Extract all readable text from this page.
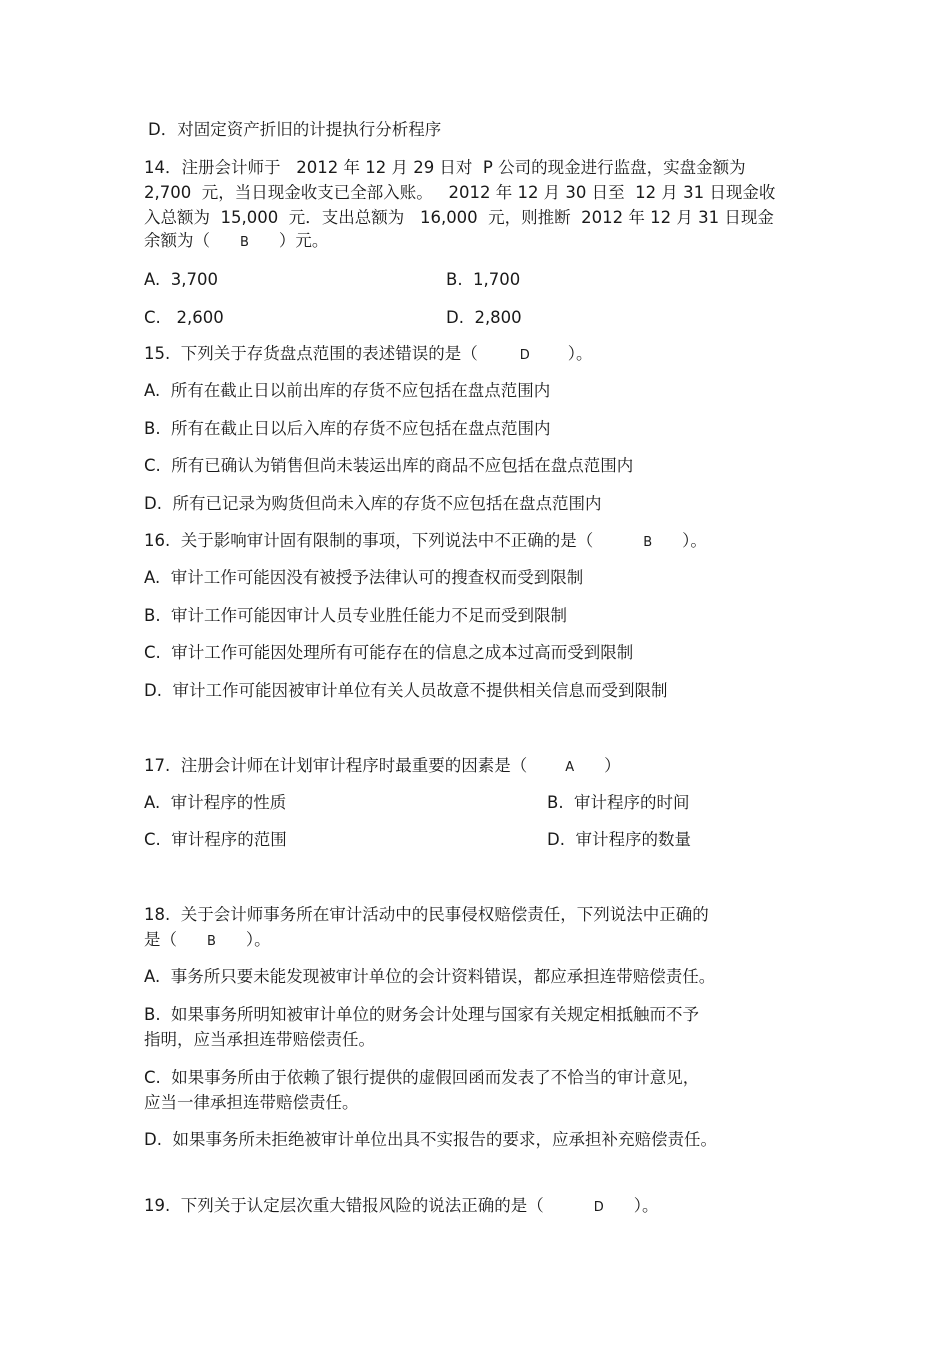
D．对固定资产折旧的计提执行分析程序
14．注册会计师于   2012 年 12 月 29 日对  P 公司的现金进行监盘，实盘金额为
2,700  元，当日现金收支已全部入账。   2012 年 12 月 30 日至  12 月 31 日现金收
入总额为  15,000  元．支出总额为   16,000  元，则推断  2012 年 12 月 31 日现金
余额为（ B ）元。
A.  3,700	B.  1,700
C.   2,600	D.  2,800
15.  下列关于存货盘点范围的表述错误的是（	D ）。
A.  所有在截止日以前出库的存货不应包括在盘点范围内
B.  所有在截止日以后入库的存货不应包括在盘点范围内
C.  所有已确认为销售但尚未装运出库的商品不应包括在盘点范围内
D.  所有已记录为购货但尚未入库的存货不应包括在盘点范围内
16.  关于影响审计固有限制的事项，下列说法中不正确的是（	B ）。
A.  审计工作可能因没有被授予法律认可的搜查权而受到限制
B.  审计工作可能因审计人员专业胜任能力不足而受到限制
C.  审计工作可能因处理所有可能存在的信息之成本过高而受到限制
D.  审计工作可能因被审计单位有关人员故意不提供相关信息而受到限制
17.  注册会计师在计划审计程序时最重要的因素是（	A ）
A.  审计程序的性质	B.  审计程序的时间
C.  审计程序的范围	D.  审计程序的数量
18.  关于会计师事务所在审计活动中的民事侵权赔偿责任，下列说法中正确的
是（ B ）。
A.  事务所只要未能发现被审计单位的会计资料错误，都应承担连带赔偿责任。
B.  如果事务所明知被审计单位的财务会计处理与国家有关规定相抵触而不予
指明，应当承担连带赔偿责任。
C.  如果事务所由于依赖了银行提供的虚假回函而发表了不恰当的审计意见，
应当一律承担连带赔偿责任。
D.  如果事务所未拒绝被审计单位出具不实报告的要求，应承担补充赔偿责任。
19.  下列关于认定层次重大错报风险的说法正确的是（	D ）。
